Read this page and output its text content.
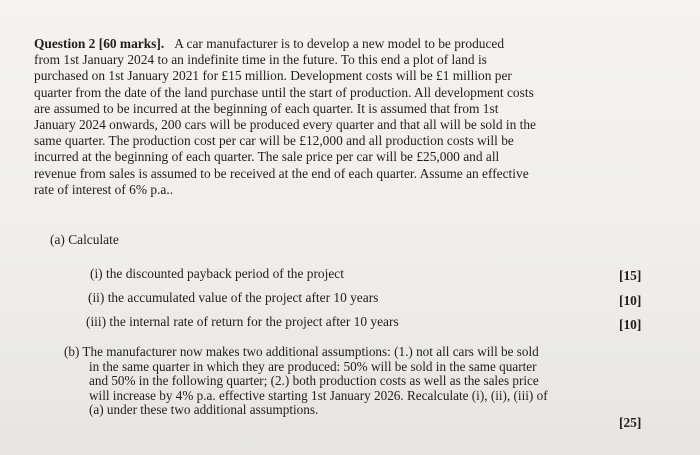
Question 2 [60 marks]. A car manufacturer is to develop a new model to be produced
from 1st January 2024 to an indefinite time in the future. To this end a plot of land is
purchased on 1st January 2021 for £15 million. Development costs will be £1 million per
quarter from the date of the land purchase until the start of production. All development costs
are assumed to be incurred at the beginning of each quarter. It is assumed that from 1st
January 2024 onwards, 200 cars will be produced every quarter and that all will be sold in the
same quarter. The production cost per car will be £12,000 and all production costs will be
incurred at the beginning of each quarter. The sale price per car will be £25,000 and all
revenue from sales is assumed to be received at the end of each quarter. Assume an effective
rate of interest of 6% p.a..

(a) Calculate

(i) the discounted payback period of the project	[15]
(ii) the accumulated value of the project after 10 years	[10]
(iii) the internal rate of return for the project after 10 years	[10]

(b) The manufacturer now makes two additional assumptions: (1.) not all cars will be sold
in the same quarter in which they are produced: 50% will be sold in the same quarter
and 50% in the following quarter; (2.) both production costs as well as the sales price
will increase by 4% p.a. effective starting 1st January 2026. Recalculate (i), (ii), (iii) of
(a) under these two additional assumptions.

[25]
